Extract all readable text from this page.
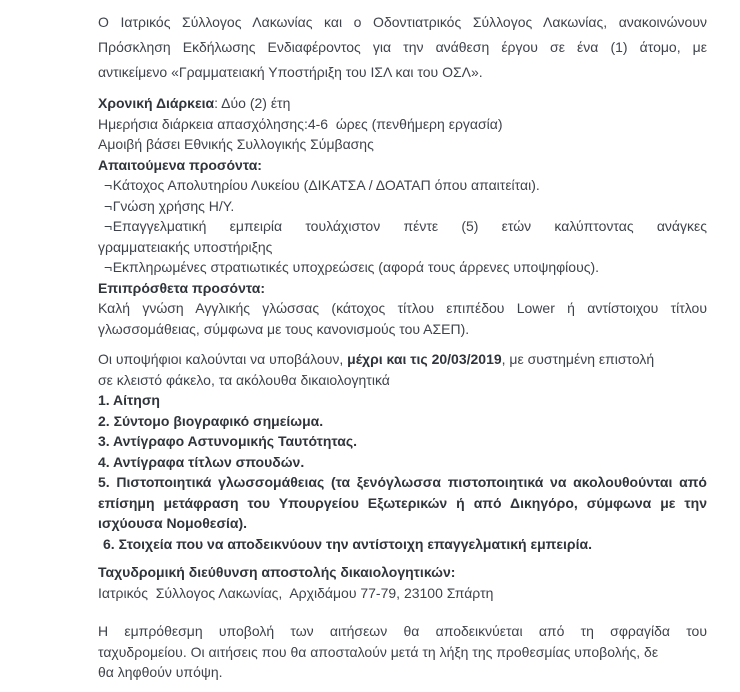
Ο Ιατρικός Σύλλογος Λακωνίας και ο Οδοντιατρικός Σύλλογος Λακωνίας, ανακοινώνουν
Πρόσκληση Εκδήλωσης Ενδιαφέροντος για την ανάθεση έργου σε ένα (1) άτομο, με
αντικείμενο «Γραμματειακή Υποστήριξη του ΙΣΛ και του ΟΣΛ».
Χρονική Διάρκεια: Δύο (2) έτη
Ημερήσια διάρκεια απασχόλησης:4-6  ώρες (πενθήμερη εργασία)
Αμοιβή βάσει Εθνικής Συλλογικής Σύμβασης
Απαιτούμενα προσόντα:
¬Κάτοχος Απολυτηρίου Λυκείου (ΔΙΚΑΤΣΑ / ΔΟΑΤΑΠ όπου απαιτείται).
¬Γνώση χρήσης Η/Υ.
¬Επαγγελματική εμπειρία τουλάχιστον πέντε (5) ετών καλύπτοντας ανάγκες
γραμματειακής υποστήριξης
¬Εκπληρωμένες στρατιωτικές υποχρεώσεις (αφορά τους άρρενες υποψηφίους).
Επιπρόσθετα προσόντα:
Καλή γνώση Αγγλικής γλώσσας (κάτοχος τίτλου επιπέδου Lower ή αντίστοιχου τίτλου
γλωσσομάθειας, σύμφωνα με τους κανονισμούς του ΑΣΕΠ).
Οι υποψήφιοι καλούνται να υποβάλουν, μέχρι και τις 20/03/2019, με συστημένη επιστολή
σε κλειστό φάκελο, τα ακόλουθα δικαιολογητικά
1. Αίτηση
2. Σύντομο βιογραφικό σημείωμα.
3. Αντίγραφο Αστυνομικής Ταυτότητας.
4. Αντίγραφα τίτλων σπουδών.
5. Πιστοποιητικά γλωσσομάθειας (τα ξενόγλωσσα πιστοποιητικά να ακολουθούνται από
επίσημη μετάφραση του Υπουργείου Εξωτερικών ή από Δικηγόρο, σύμφωνα με την
ισχύουσα Νομοθεσία).
6. Στοιχεία που να αποδεικνύουν την αντίστοιχη επαγγελματική εμπειρία.
Ταχυδρομική διεύθυνση αποστολής δικαιολογητικών:
Ιατρικός  Σύλλογος Λακωνίας,  Αρχιδάμου 77-79, 23100 Σπάρτη
Η εμπρόθεσμη υποβολή των αιτήσεων θα αποδεικνύεται από τη σφραγίδα του
ταχυδρομείου. Οι αιτήσεις που θα αποσταλούν μετά τη λήξη της προθεσμίας υποβολής, δε
θα ληφθούν υπόψη.
